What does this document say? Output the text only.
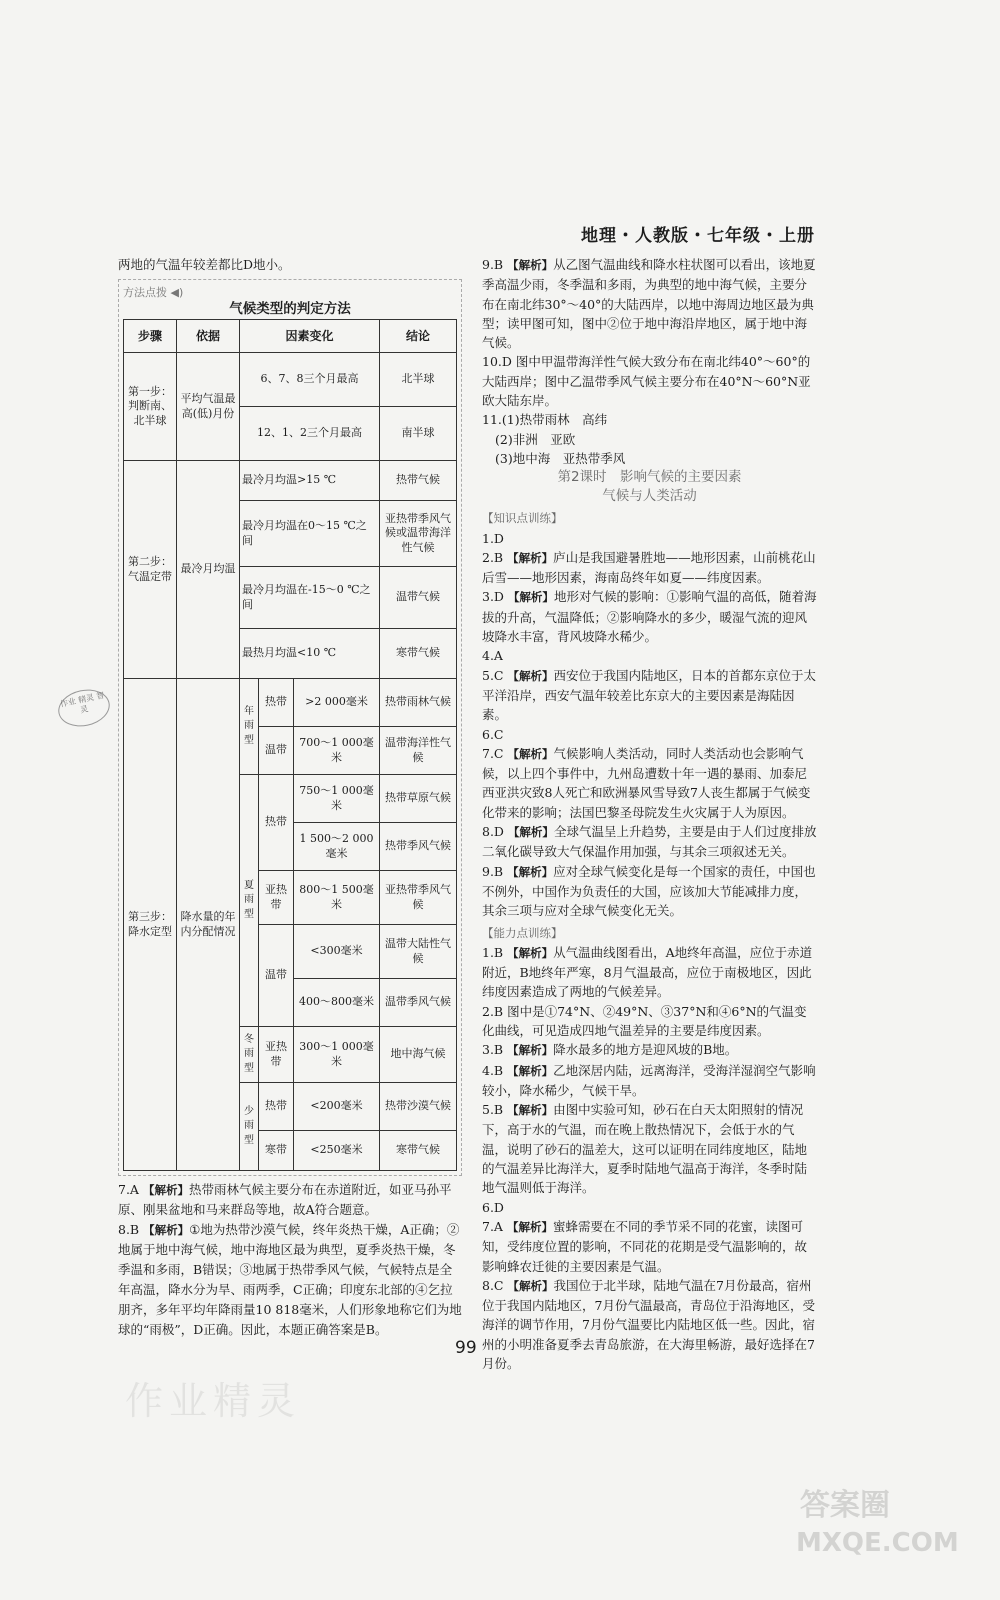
地理・人教版・七年级・上册

两地的气温年较差都比D地小。

方法点拨 ◀)
气候类型的判定方法
步骤	依据	因素变化			结论
第一步：判断南、北半球	平均气温最高(低)月份	6、7、8三个月最高			北半球
		12、1、2三个月最高			南半球
第二步：气温定带	最冷月均温	最冷月均温>15 ℃			热带气候
		最冷月均温在0～15 ℃之间			亚热带季风气候或温带海洋性气候
		最冷月均温在-15～0 ℃之间			温带气候
		最热月均温<10 ℃			寒带气候
第三步：降水定型	降水量的年内分配情况	年雨型	热带	>2 000毫米	热带雨林气候
			温带	700～1 000毫米	温带海洋性气候
		夏雨型	热带	750～1 000毫米	热带草原气候
				1 500～2 000毫米	热带季风气候
			亚热带	800～1 500毫米	亚热带季风气候
			温带	<300毫米	温带大陆性气候
				400～800毫米	温带季风气候
		冬雨型	亚热带	300～1 000毫米	地中海气候
		少雨型	热带	<200毫米	热带沙漠气候
			寒带	<250毫米	寒带气候

7.A 【解析】热带雨林气候主要分布在赤道附近，如亚马孙平原、刚果盆地和马来群岛等地，故A符合题意。

8.B 【解析】①地为热带沙漠气候，终年炎热干燥，A正确；②地属于地中海气候，地中海地区最为典型，夏季炎热干燥，冬季温和多雨，B错误；③地属于热带季风气候，气候特点是全年高温，降水分为旱、雨两季，C正确；印度东北部的④乞拉朋齐，多年平均年降雨量10 818毫米，人们形象地称它们为地球的“雨极”，D正确。因此，本题正确答案是B。

9.B 【解析】从乙图气温曲线和降水柱状图可以看出，该地夏季高温少雨，冬季温和多雨，为典型的地中海气候，主要分布在南北纬30°～40°的大陆西岸，以地中海周边地区最为典型；读甲图可知，图中②位于地中海沿岸地区，属于地中海气候。

10.D 图中甲温带海洋性气候大致分布在南北纬40°～60°的大陆西岸；图中乙温带季风气候主要分布在40°N～60°N亚欧大陆东岸。

11.(1)热带雨林　高纬

(2)非洲　亚欧

(3)地中海　亚热带季风

第2课时　影响气候的主要因素
气候与人类活动
【知识点训练】

1.D

2.B 【解析】庐山是我国避暑胜地——地形因素，山前桃花山后雪——地形因素，海南岛终年如夏——纬度因素。

3.D 【解析】地形对气候的影响：①影响气温的高低，随着海拔的升高，气温降低；②影响降水的多少，暖湿气流的迎风坡降水丰富，背风坡降水稀少。

4.A

5.C 【解析】西安位于我国内陆地区，日本的首都东京位于太平洋沿岸，西安气温年较差比东京大的主要因素是海陆因素。

6.C

7.C 【解析】气候影响人类活动，同时人类活动也会影响气候，以上四个事件中，九州岛遭数十年一遇的暴雨、加泰尼西亚洪灾致8人死亡和欧洲暴风雪导致7人丧生都属于气候变化带来的影响；法国巴黎圣母院发生火灾属于人为原因。

8.D 【解析】全球气温呈上升趋势，主要是由于人们过度排放二氧化碳导致大气保温作用加强，与其余三项叙述无关。

9.B 【解析】应对全球气候变化是每一个国家的责任，中国也不例外，中国作为负责任的大国，应该加大节能减排力度，其余三项与应对全球气候变化无关。

【能力点训练】

1.B 【解析】从气温曲线图看出，A地终年高温，应位于赤道附近，B地终年严寒，8月气温最高，应位于南极地区，因此纬度因素造成了两地的气候差异。

2.B 图中是①74°N、②49°N、③37°N和④6°N的气温变化曲线，可见造成四地气温差异的主要是纬度因素。

3.B 【解析】降水最多的地方是迎风坡的B地。

4.B 【解析】乙地深居内陆，远离海洋，受海洋湿润空气影响较小，降水稀少，气候干旱。

5.B 【解析】由图中实验可知，砂石在白天太阳照射的情况下，高于水的气温，而在晚上散热情况下，会低于水的气温，说明了砂石的温差大，这可以证明在同纬度地区，陆地的气温差异比海洋大，夏季时陆地气温高于海洋，冬季时陆地气温则低于海洋。

6.D

7.A 【解析】蜜蜂需要在不同的季节采不同的花蜜，读图可知，受纬度位置的影响，不同花的花期是受气温影响的，故影响蜂农迁徙的主要因素是气温。

8.C 【解析】我国位于北半球，陆地气温在7月份最高，宿州位于我国内陆地区，7月份气温最高，青岛位于沿海地区，受海洋的调节作用，7月份气温要比内陆地区低一些。因此，宿州的小明准备夏季去青岛旅游，在大海里畅游，最好选择在7月份。

作业 精灵 智灵
99
作业精灵
答案圈
MXQE.COM
